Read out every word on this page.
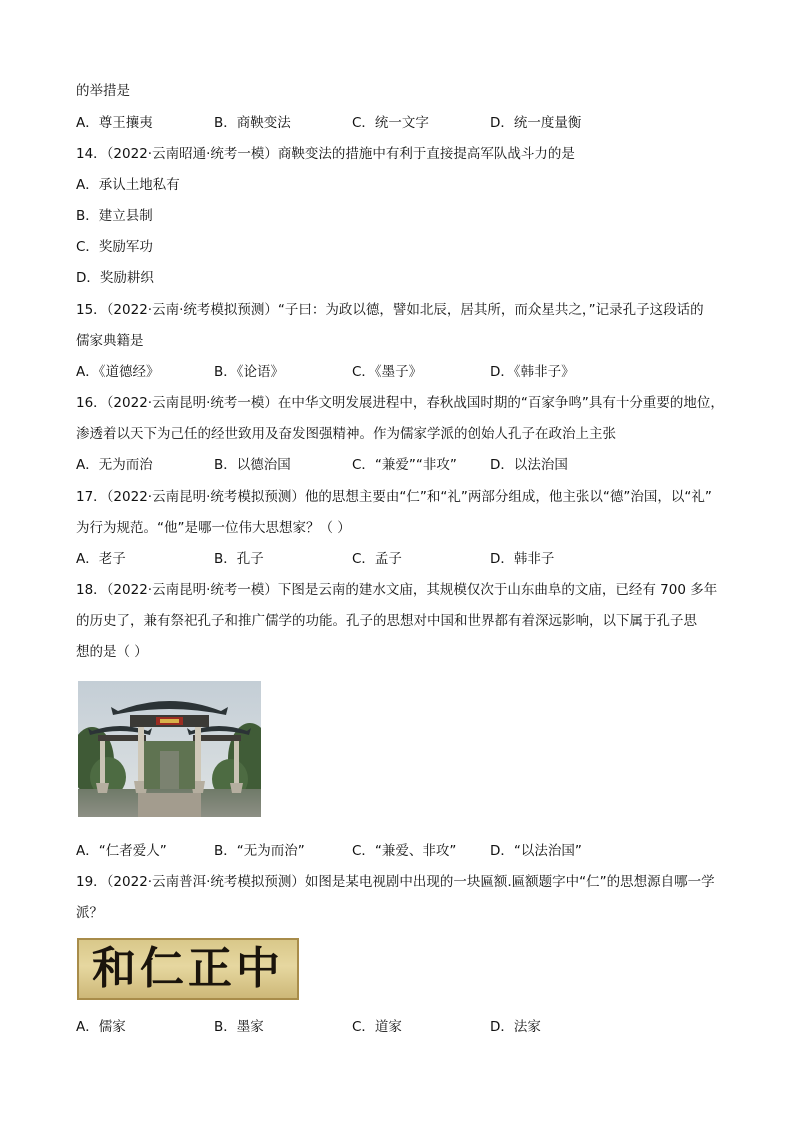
的举措是
A．尊王攘夷	B．商鞅变法	C．统一文字	D．统一度量衡
14．（2022·云南昭通·统考一模）商鞅变法的措施中有利于直接提高军队战斗力的是
A．承认土地私有
B．建立县制
C．奖励军功
D．奖励耕织
15．（2022·云南·统考模拟预测）“子曰：为政以德，譬如北辰，居其所，而众星共之，”记录孔子这段话的
儒家典籍是
A．《道德经》	B．《论语》	C．《墨子》	D．《韩非子》
16．（2022·云南昆明·统考一模）在中华文明发展进程中，春秋战国时期的“百家争鸣”具有十分重要的地位，
渗透着以天下为己任的经世致用及奋发图强精神。作为儒家学派的创始人孔子在政治上主张
A．无为而治	B．以德治国	C．“兼爱”“非攻” D．以法治国
17．（2022·云南昆明·统考模拟预测）他的思想主要由“仁”和“礼”两部分组成，他主张以“德”治国，以“礼”
为行为规范。“他”是哪一位伟大思想家？（ ）
A．老子	B．孔子	C．孟子	D．韩非子
18．（2022·云南昆明·统考一模）下图是云南的建水文庙，其规模仅次于山东曲阜的文庙，已经有 700 多年
的历史了，兼有祭祀孔子和推广儒学的功能。孔子的思想对中国和世界都有着深远影响，以下属于孔子思
想的是（ ）
A．“仁者爱人”	B．“无为而治”	C．“兼爱、非攻” D．“以法治国”
19．（2022·云南普洱·统考模拟预测）如图是某电视剧中出现的一块匾额.匾额题字中“仁”的思想源自哪一学
派？
和仁正中
A．儒家	B．墨家	C．道家	D．法家
